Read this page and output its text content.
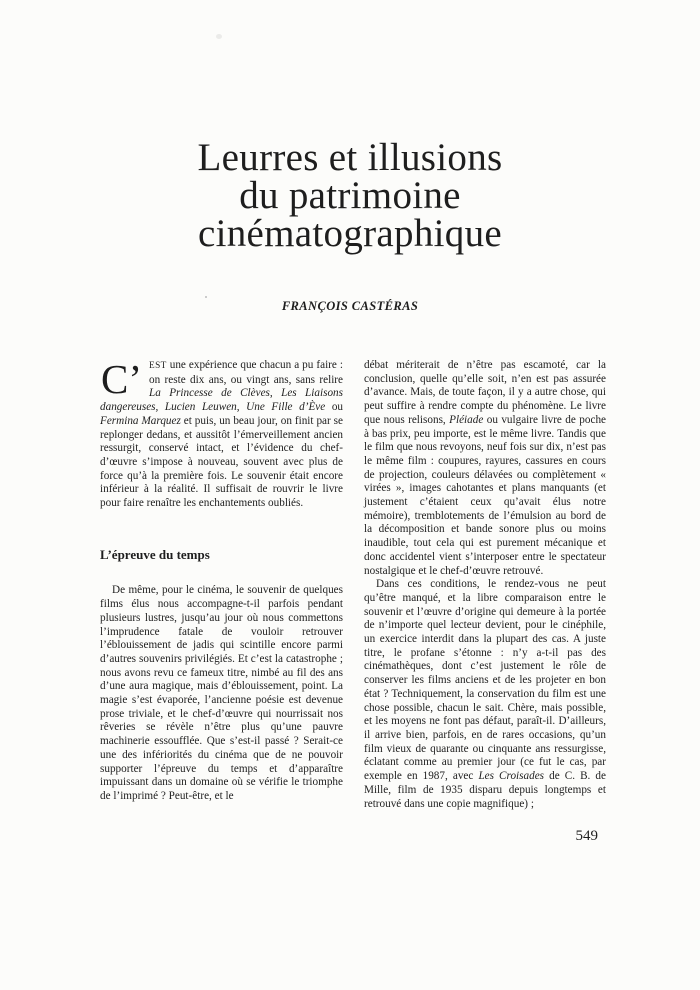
Leurres et illusions
du patrimoine
cinématographique
FRANÇOIS CASTÉRAS

C’ EST une expérience que chacun a pu faire : on reste dix ans, ou vingt ans, sans relire La Princesse de Clèves, Les Liaisons dangereuses, Lucien Leuwen, Une Fille d’Ève ou Fermina Marquez et puis, un beau jour, on finit par se replonger dedans, et aussitôt l’émerveillement ancien ressurgit, conservé intact, et l’évidence du chef-d’œuvre s’impose à nouveau, souvent avec plus de force qu’à la première fois. Le souvenir était encore inférieur à la réalité. Il suffisait de rouvrir le livre pour faire renaître les enchantements oubliés.

L’épreuve du temps

De même, pour le cinéma, le souvenir de quelques films élus nous accompagne-t-il parfois pendant plusieurs lustres, jusqu’au jour où nous commettons l’imprudence fatale de vouloir retrouver l’éblouissement de jadis qui scintille encore parmi d’autres souvenirs privilégiés. Et c’est la catastrophe ; nous avons revu ce fameux titre, nimbé au fil des ans d’une aura magique, mais d’éblouissement, point. La magie s’est évaporée, l’ancienne poésie est devenue prose triviale, et le chef-d’œuvre qui nourrissait nos rêveries se révèle n’être plus qu’une pauvre machinerie essoufflée. Que s’est-il passé ? Serait-ce une des infériorités du cinéma que de ne pouvoir supporter l’épreuve du temps et d’apparaître impuissant dans un domaine où se vérifie le triomphe de l’imprimé ? Peut-être, et le

débat mériterait de n’être pas escamoté, car la conclusion, quelle qu’elle soit, n’en est pas assurée d’avance. Mais, de toute façon, il y a autre chose, qui peut suffire à rendre compte du phénomène. Le livre que nous relisons, Pléiade ou vulgaire livre de poche à bas prix, peu importe, est le même livre. Tandis que le film que nous revoyons, neuf fois sur dix, n’est pas le même film : coupures, rayures, cassures en cours de projection, couleurs délavées ou complètement « virées », images cahotantes et plans manquants (et justement c’étaient ceux qu’avait élus notre mémoire), tremblotements de l’émulsion au bord de la décomposition et bande sonore plus ou moins inaudible, tout cela qui est purement mécanique et donc accidentel vient s’interposer entre le spectateur nostalgique et le chef-d’œuvre retrouvé.

Dans ces conditions, le rendez-vous ne peut qu’être manqué, et la libre comparaison entre le souvenir et l’œuvre d’origine qui demeure à la portée de n’importe quel lecteur devient, pour le cinéphile, un exercice interdit dans la plupart des cas. A juste titre, le profane s’étonne : n’y a-t-il pas des cinémathèques, dont c’est justement le rôle de conserver les films anciens et de les projeter en bon état ? Techniquement, la conservation du film est une chose possible, chacun le sait. Chère, mais possible, et les moyens ne font pas défaut, paraît-il. D’ailleurs, il arrive bien, parfois, en de rares occasions, qu’un film vieux de quarante ou cinquante ans ressurgisse, éclatant comme au premier jour (ce fut le cas, par exemple en 1987, avec Les Croisades de C. B. de Mille, film de 1935 disparu depuis longtemps et retrouvé dans une copie magnifique) ;

549
